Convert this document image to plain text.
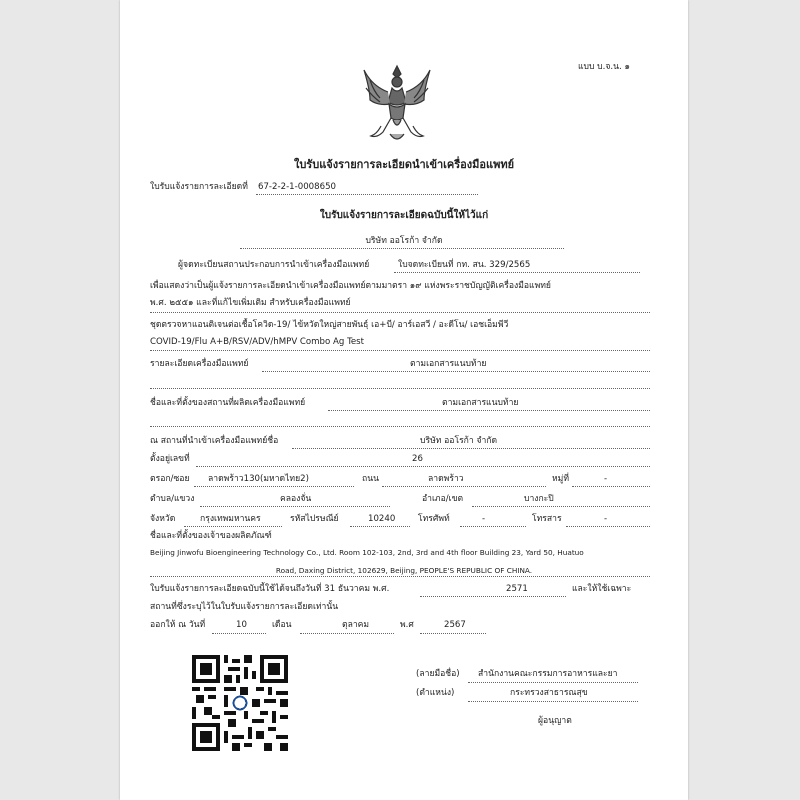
แบบ บ.จ.น. ๑
ใบรับแจ้งรายการละเอียดนำเข้าเครื่องมือแพทย์
ใบรับแจ้งรายการละเอียดที่ 67-2-2-1-0008650
ใบรับแจ้งรายการละเอียดฉบับนี้ให้ไว้แก่
บริษัท ออโรก้า จำกัด
ผู้จดทะเบียนสถานประกอบการนำเข้าเครื่องมือแพทย์	ใบจดทะเบียนที่ กท. สน. 329/2565
เพื่อแสดงว่าเป็นผู้แจ้งรายการละเอียดนำเข้าเครื่องมือแพทย์ตามมาตรา ๑๙ แห่งพระราชบัญญัติเครื่องมือแพทย์
พ.ศ. ๒๕๕๑ และที่แก้ไขเพิ่มเติม สำหรับเครื่องมือแพทย์
ชุดตรวจหาแอนติเจนต่อเชื้อโควิด-19/ ไข้หวัดใหญ่สายพันธุ์ เอ+บี/ อาร์เอสวี / อะดีโน/ เอชเอ็มพีวี
COVID-19/Flu A+B/RSV/ADV/hMPV Combo Ag Test
รายละเอียดเครื่องมือแพทย์	ตามเอกสารแนบท้าย
ชื่อและที่ตั้งของสถานที่ผลิตเครื่องมือแพทย์	ตามเอกสารแนบท้าย
ณ สถานที่นำเข้าเครื่องมือแพทย์ชื่อ	บริษัท ออโรก้า จำกัด
ตั้งอยู่เลขที่	26
ตรอก/ซอย ลาดพร้าว130(มหาดไทย2)	ถนน	ลาดพร้าว	หมู่ที่	-
ตำบล/แขวง	คลองจั่น	อำเภอ/เขต	บางกะปิ
จังหวัด	กรุงเทพมหานคร	รหัสไปรษณีย์	10240	โทรศัพท์	-	โทรสาร	-
ชื่อและที่ตั้งของเจ้าของผลิตภัณฑ์
Beijing Jinwofu Bioengineering Technology Co., Ltd. Room 102-103, 2nd, 3rd and 4th floor Building 23, Yard 50, Huatuo
Road, Daxing District, 102629, Beijing, PEOPLE'S REPUBLIC OF CHINA.
ใบรับแจ้งรายการละเอียดฉบับนี้ใช้ได้จนถึงวันที่ 31 ธันวาคม พ.ศ.	2571	และให้ใช้เฉพาะ
สถานที่ซึ่งระบุไว้ในใบรับแจ้งรายการละเอียดเท่านั้น
ออกให้ ณ วันที่	10	เดือน	ตุลาคม	พ.ศ	2567
(ลายมือชื่อ) สำนักงานคณะกรรมการอาหารและยา
(ตำแหน่ง)	กระทรวงสาธารณสุข
ผู้อนุญาต
